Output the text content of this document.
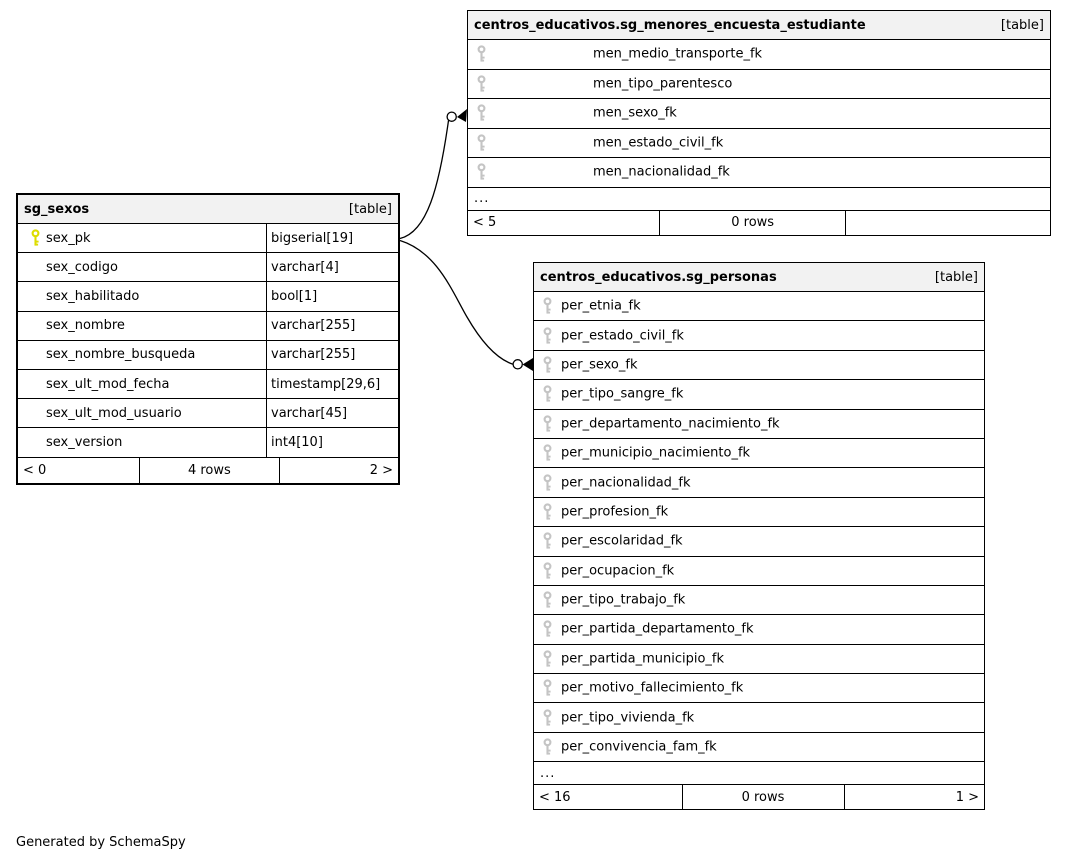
sg_sexos	[table]
sex_pk	bigserial[19]
sex_codigo	varchar[4]
sex_habilitado	bool[1]
sex_nombre	varchar[255]
sex_nombre_busqueda	varchar[255]
sex_ult_mod_fecha	timestamp[29,6]
sex_ult_mod_usuario	varchar[45]
sex_version	int4[10]
< 0	4 rows	2 >
centros_educativos.sg_menores_encuesta_estudiante	[table]
men_medio_transporte_fk
men_tipo_parentesco
men_sexo_fk
men_estado_civil_fk
men_nacionalidad_fk
...
< 5	0 rows
centros_educativos.sg_personas	[table]
per_etnia_fk
per_estado_civil_fk
per_sexo_fk
per_tipo_sangre_fk
per_departamento_nacimiento_fk
per_municipio_nacimiento_fk
per_nacionalidad_fk
per_profesion_fk
per_escolaridad_fk
per_ocupacion_fk
per_tipo_trabajo_fk
per_partida_departamento_fk
per_partida_municipio_fk
per_motivo_fallecimiento_fk
per_tipo_vivienda_fk
per_convivencia_fam_fk
...
< 16	0 rows	1 >
Generated by SchemaSpy
